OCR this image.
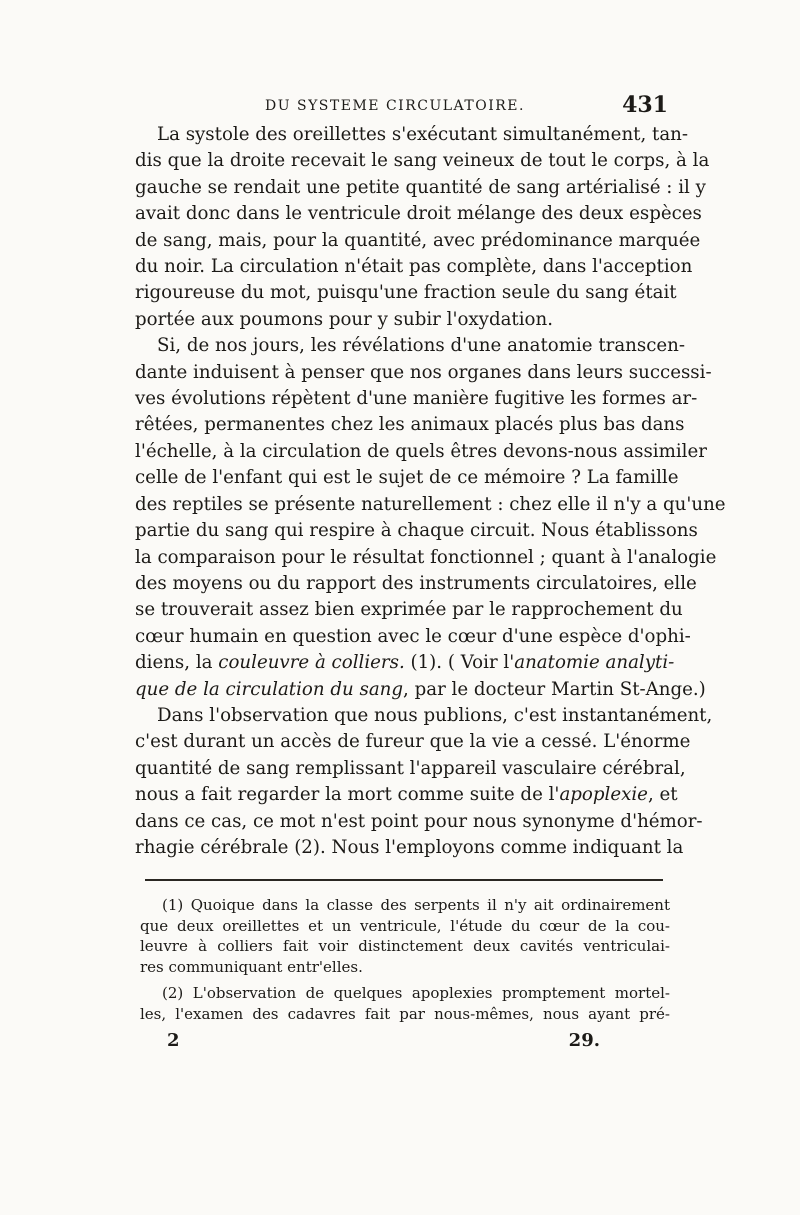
DU SYSTEME CIRCULATOIRE.	431
La systole des oreillettes s'exécutant simultanément, tan-
dis que la droite recevait le sang veineux de tout le corps, à la
gauche se rendait une petite quantité de sang artérialisé : il y
avait donc dans le ventricule droit mélange des deux espèces
de sang, mais, pour la quantité, avec prédominance marquée
du noir. La circulation n'était pas complète, dans l'acception
rigoureuse du mot, puisqu'une fraction seule du sang était
portée aux poumons pour y subir l'oxydation.
Si, de nos jours, les révélations d'une anatomie transcen-
dante induisent à penser que nos organes dans leurs successi-
ves évolutions répètent d'une manière fugitive les formes ar-
rêtées, permanentes chez les animaux placés plus bas dans
l'échelle, à la circulation de quels êtres devons-nous assimiler
celle de l'enfant qui est le sujet de ce mémoire ? La famille
des reptiles se présente naturellement : chez elle il n'y a qu'une
partie du sang qui respire à chaque circuit. Nous établissons
la comparaison pour le résultat fonctionnel ; quant à l'analogie
des moyens ou du rapport des instruments circulatoires, elle
se trouverait assez bien exprimée par le rapprochement du
cœur humain en question avec le cœur d'une espèce d'ophi-
diens, la couleuvre à colliers. (1). ( Voir l'anatomie analyti-
que de la circulation du sang, par le docteur Martin St-Ange.)
Dans l'observation que nous publions, c'est instantanément,
c'est durant un accès de fureur que la vie a cessé. L'énorme
quantité de sang remplissant l'appareil vasculaire cérébral,
nous a fait regarder la mort comme suite de l'apoplexie, et
dans ce cas, ce mot n'est point pour nous synonyme d'hémor-
rhagie cérébrale (2). Nous l'employons comme indiquant la
(1) Quoique dans la classe des serpents il n'y ait ordinairement
que deux oreillettes et un ventricule, l'étude du cœur de la cou-
leuvre à colliers fait voir distinctement deux cavités ventriculai-
res communiquant entr'elles.
(2) L'observation de quelques apoplexies promptement mortel-
les, l'examen des cadavres fait par nous-mêmes, nous ayant pré-
2	29.
